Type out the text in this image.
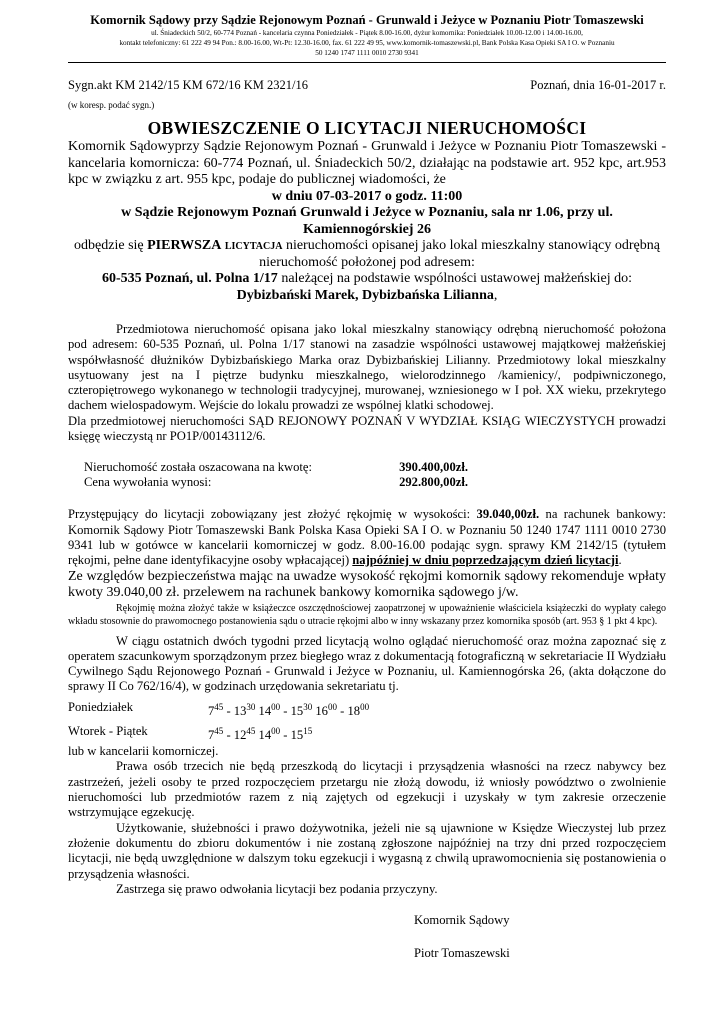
Komornik Sądowy przy Sądzie Rejonowym Poznań - Grunwald i Jeżyce w Poznaniu Piotr Tomaszewski
ul. Śniadeckich 50/2, 60-774 Poznań - kancelaria czynna Poniedziałek - Piątek 8.00-16.00, dyżur komornika: Poniedziałek 10.00-12.00 i 14.00-16.00,
kontakt telefoniczny: 61 222 49 94 Pon.: 8.00-16.00, Wt-Pt: 12.30-16.00, fax. 61 222 49 95, www.komornik-tomaszewski.pl, Bank Polska Kasa Opieki SA I O. w Poznaniu
50 1240 1747 1111 0010 2730 9341
Sygn.akt KM 2142/15 KM 672/16 KM 2321/16	Poznań, dnia 16-01-2017 r.
(w koresp. podać sygn.)
OBWIESZCZENIE O LICYTACJI NIERUCHOMOŚCI
Komornik Sądowyprzy Sądzie Rejonowym Poznań - Grunwald i Jeżyce w Poznaniu Piotr Tomaszewski - kancelaria komornicza: 60-774 Poznań, ul. Śniadeckich 50/2, działając na podstawie art. 952 kpc, art.953 kpc w związku z art. 955 kpc, podaje do publicznej wiadomości, że
w dniu 07-03-2017 o godz. 11:00
w Sądzie Rejonowym Poznań Grunwald i Jeżyce w Poznaniu, sala nr 1.06, przy ul.
Kamiennogórskiej 26
odbędzie się PIERWSZA licytacja nieruchomości opisanej jako lokal mieszkalny stanowiący odrębną nieruchomość położonej pod adresem:
60-535 Poznań, ul. Polna 1/17 należącej na podstawie wspólności ustawowej małżeńskiej do:
Dybizbański Marek, Dybizbańska Lilianna,
Przedmiotowa nieruchomość opisana jako lokal mieszkalny stanowiący odrębną nieruchomość położona pod adresem: 60-535 Poznań, ul. Polna 1/17 stanowi na zasadzie wspólności ustawowej majątkowej małżeńskiej współwłasność dłużników Dybizbańskiego Marka oraz Dybizbańskiej Lilianny. Przedmiotowy lokal mieszkalny usytuowany jest na I piętrze budynku mieszkalnego, wielorodzinnego /kamienicy/, podpiwniczonego, czteropiętrowego wykonanego w technologii tradycyjnej, murowanej, wzniesionego w I poł. XX wieku, przekrytego dachem wielospadowym. Wejście do lokalu prowadzi ze wspólnej klatki schodowej.
Dla przedmiotowej nieruchomości SĄD REJONOWY POZNAŃ V WYDZIAŁ KSIĄG WIECZYSTYCH prowadzi księgę wieczystą nr PO1P/00143112/6.
Nieruchomość została oszacowana na kwotę:	390.400,00zł.
Cena wywołania wynosi:	292.800,00zł.
Przystępujący do licytacji zobowiązany jest złożyć rękojmię w wysokości: 39.040,00zł. na rachunek bankowy: Komornik Sądowy Piotr Tomaszewski Bank Polska Kasa Opieki SA I O. w Poznaniu 50 1240 1747 1111 0010 2730 9341 lub w gotówce w kancelarii komorniczej w godz. 8.00-16.00 podając sygn. sprawy KM 2142/15 (tytułem rękojmi, pełne dane identyfikacyjne osoby wpłacającej) najpóźniej w dniu poprzedzającym dzień licytacji.
Ze względów bezpieczeństwa mając na uwadze wysokość rękojmi komornik sądowy rekomenduje wpłaty kwoty 39.040,00 zł. przelewem na rachunek bankowy komornika sądowego j/w.
Rękojmię można złożyć także w książeczce oszczędnościowej zaopatrzonej w upoważnienie właściciela książeczki do wypłaty całego wkładu stosownie do prawomocnego postanowienia sądu o utracie rękojmi albo w inny wskazany przez komornika sposób (art. 953 § 1 pkt 4 kpc).
W ciągu ostatnich dwóch tygodni przed licytacją wolno oglądać nieruchomość oraz można zapoznać się z operatem szacunkowym sporządzonym przez biegłego wraz z dokumentacją fotograficzną w sekretariacie II Wydziału Cywilnego Sądu Rejonowego Poznań - Grunwald i Jeżyce w Poznaniu, ul. Kamiennogórska 26, (akta dołączone do sprawy II Co 762/16/4), w godzinach urzędowania sekretariatu tj.
Poniedziałek	$7^{45} - 13^{30}$ $14^{00} - 15^{30}$ $16^{00} - 18^{00}$
Wtorek - Piątek	$7^{45} - 12^{45}$ $14^{00} - 15^{15}$
lub w kancelarii komorniczej.
Prawa osób trzecich nie będą przeszkodą do licytacji i przysądzenia własności na rzecz nabywcy bez zastrzeżeń, jeżeli osoby te przed rozpoczęciem przetargu nie złożą dowodu, iż wniosły powództwo o zwolnienie nieruchomości lub przedmiotów razem z nią zajętych od egzekucji i uzyskały w tym zakresie orzeczenie wstrzymujące egzekucję.
Użytkowanie, służebności i prawo dożywotnika, jeżeli nie są ujawnione w Księdze Wieczystej lub przez złożenie dokumentu do zbioru dokumentów i nie zostaną zgłoszone najpóźniej na trzy dni przed rozpoczęciem licytacji, nie będą uwzględnione w dalszym toku egzekucji i wygasną z chwilą uprawomocnienia się postanowienia o przysądzenia własności.
Zastrzega się prawo odwołania licytacji bez podania przyczyny.
Komornik Sądowy
Piotr Tomaszewski
